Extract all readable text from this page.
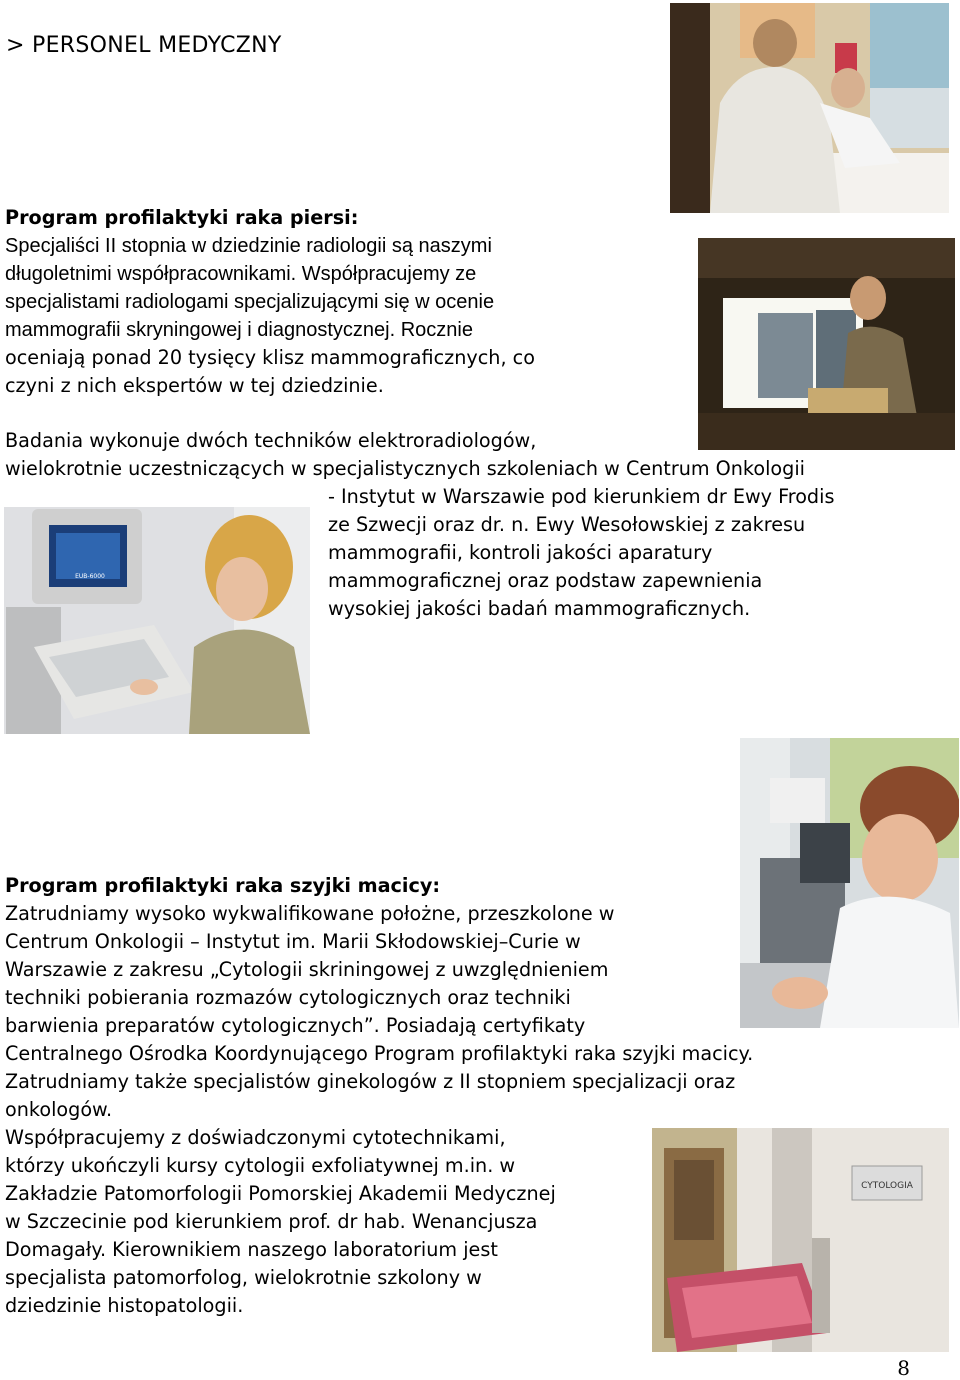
> PERSONEL MEDYCZNY

Program profilaktyki raka piersi:

Specjaliści II stopnia w dziedzinie radiologii są naszymi

długoletnimi współpracownikami. Współpracujemy ze

specjalistami radiologami specjalizującymi się w ocenie

mammografii skryningowej i diagnostycznej. Rocznie

oceniają ponad 20 tysięcy klisz mammograficznych, co

czyni z nich ekspertów w tej dziedzinie.

Badania wykonuje dwóch techników elektroradiologów,

wielokrotnie uczestniczących w specjalistycznych szkoleniach w Centrum Onkologii

- Instytut w Warszawie pod kierunkiem dr Ewy Frodis

ze Szwecji oraz dr. n. Ewy Wesołowskiej z zakresu

mammografii, kontroli jakości aparatury

mammograficznej oraz podstaw zapewnienia

wysokiej jakości badań mammograficznych.

Program profilaktyki raka szyjki macicy:

Zatrudniamy wysoko wykwalifikowane położne, przeszkolone w

Centrum Onkologii – Instytut im. Marii Skłodowskiej–Curie w

Warszawie z zakresu „Cytologii skriningowej z uwzględnieniem

techniki pobierania rozmazów cytologicznych oraz techniki

barwienia preparatów cytologicznych”. Posiadają certyfikaty

Centralnego Ośrodka Koordynującego Program profilaktyki raka szyjki macicy.

Zatrudniamy także specjalistów ginekologów z II stopniem specjalizacji oraz

onkologów.

Współpracujemy z doświadczonymi cytotechnikami,

którzy ukończyli kursy cytologii exfoliatywnej m.in. w

Zakładzie Patomorfologii Pomorskiej Akademii Medycznej

w Szczecinie pod kierunkiem prof. dr hab. Wenancjusza

Domagały. Kierownikiem naszego laboratorium jest

specjalista patomorfolog, wielokrotnie szkolony w

dziedzinie histopatologii.

EUB-6000
CYTOLOGIA
8
